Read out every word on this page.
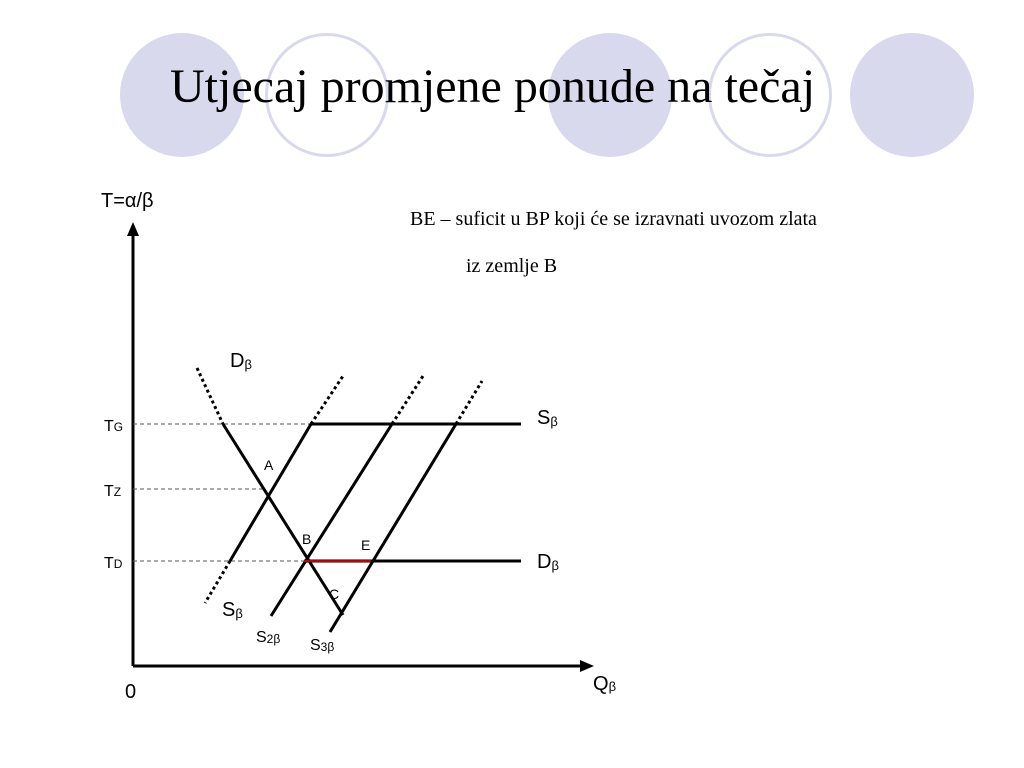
Utjecaj promjene ponude na tečaj
BE – suficit u BP koji će se izravnati uvozom zlata
iz zemlje B
T=α/β
Qβ
0
TG
TZ
TD
Dβ
Sβ
Dβ
Sβ
S2β S3β
A
B	E
C
